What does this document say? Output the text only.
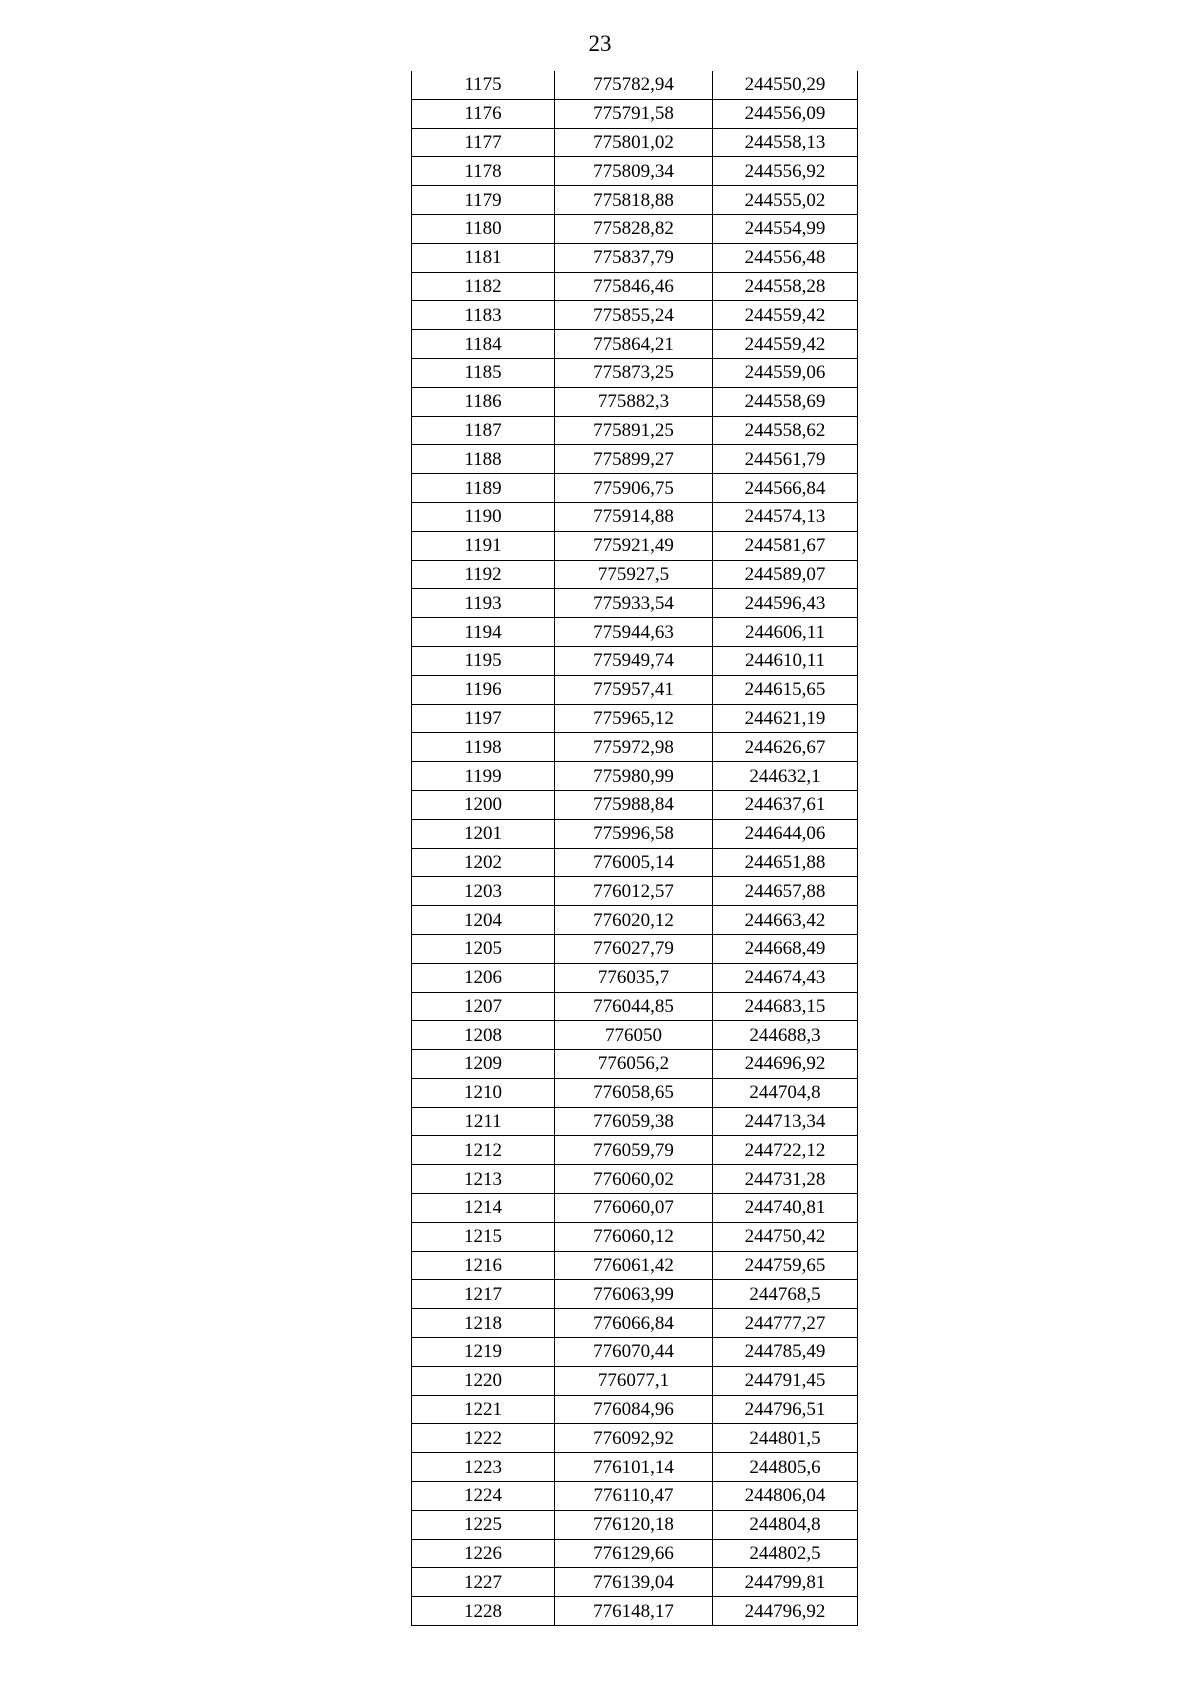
23
1175	775782,94	244550,29
1176	775791,58	244556,09
1177	775801,02	244558,13
1178	775809,34	244556,92
1179	775818,88	244555,02
1180	775828,82	244554,99
1181	775837,79	244556,48
1182	775846,46	244558,28
1183	775855,24	244559,42
1184	775864,21	244559,42
1185	775873,25	244559,06
1186	775882,3	244558,69
1187	775891,25	244558,62
1188	775899,27	244561,79
1189	775906,75	244566,84
1190	775914,88	244574,13
1191	775921,49	244581,67
1192	775927,5	244589,07
1193	775933,54	244596,43
1194	775944,63	244606,11
1195	775949,74	244610,11
1196	775957,41	244615,65
1197	775965,12	244621,19
1198	775972,98	244626,67
1199	775980,99	244632,1
1200	775988,84	244637,61
1201	775996,58	244644,06
1202	776005,14	244651,88
1203	776012,57	244657,88
1204	776020,12	244663,42
1205	776027,79	244668,49
1206	776035,7	244674,43
1207	776044,85	244683,15
1208	776050	244688,3
1209	776056,2	244696,92
1210	776058,65	244704,8
1211	776059,38	244713,34
1212	776059,79	244722,12
1213	776060,02	244731,28
1214	776060,07	244740,81
1215	776060,12	244750,42
1216	776061,42	244759,65
1217	776063,99	244768,5
1218	776066,84	244777,27
1219	776070,44	244785,49
1220	776077,1	244791,45
1221	776084,96	244796,51
1222	776092,92	244801,5
1223	776101,14	244805,6
1224	776110,47	244806,04
1225	776120,18	244804,8
1226	776129,66	244802,5
1227	776139,04	244799,81
1228	776148,17	244796,92
